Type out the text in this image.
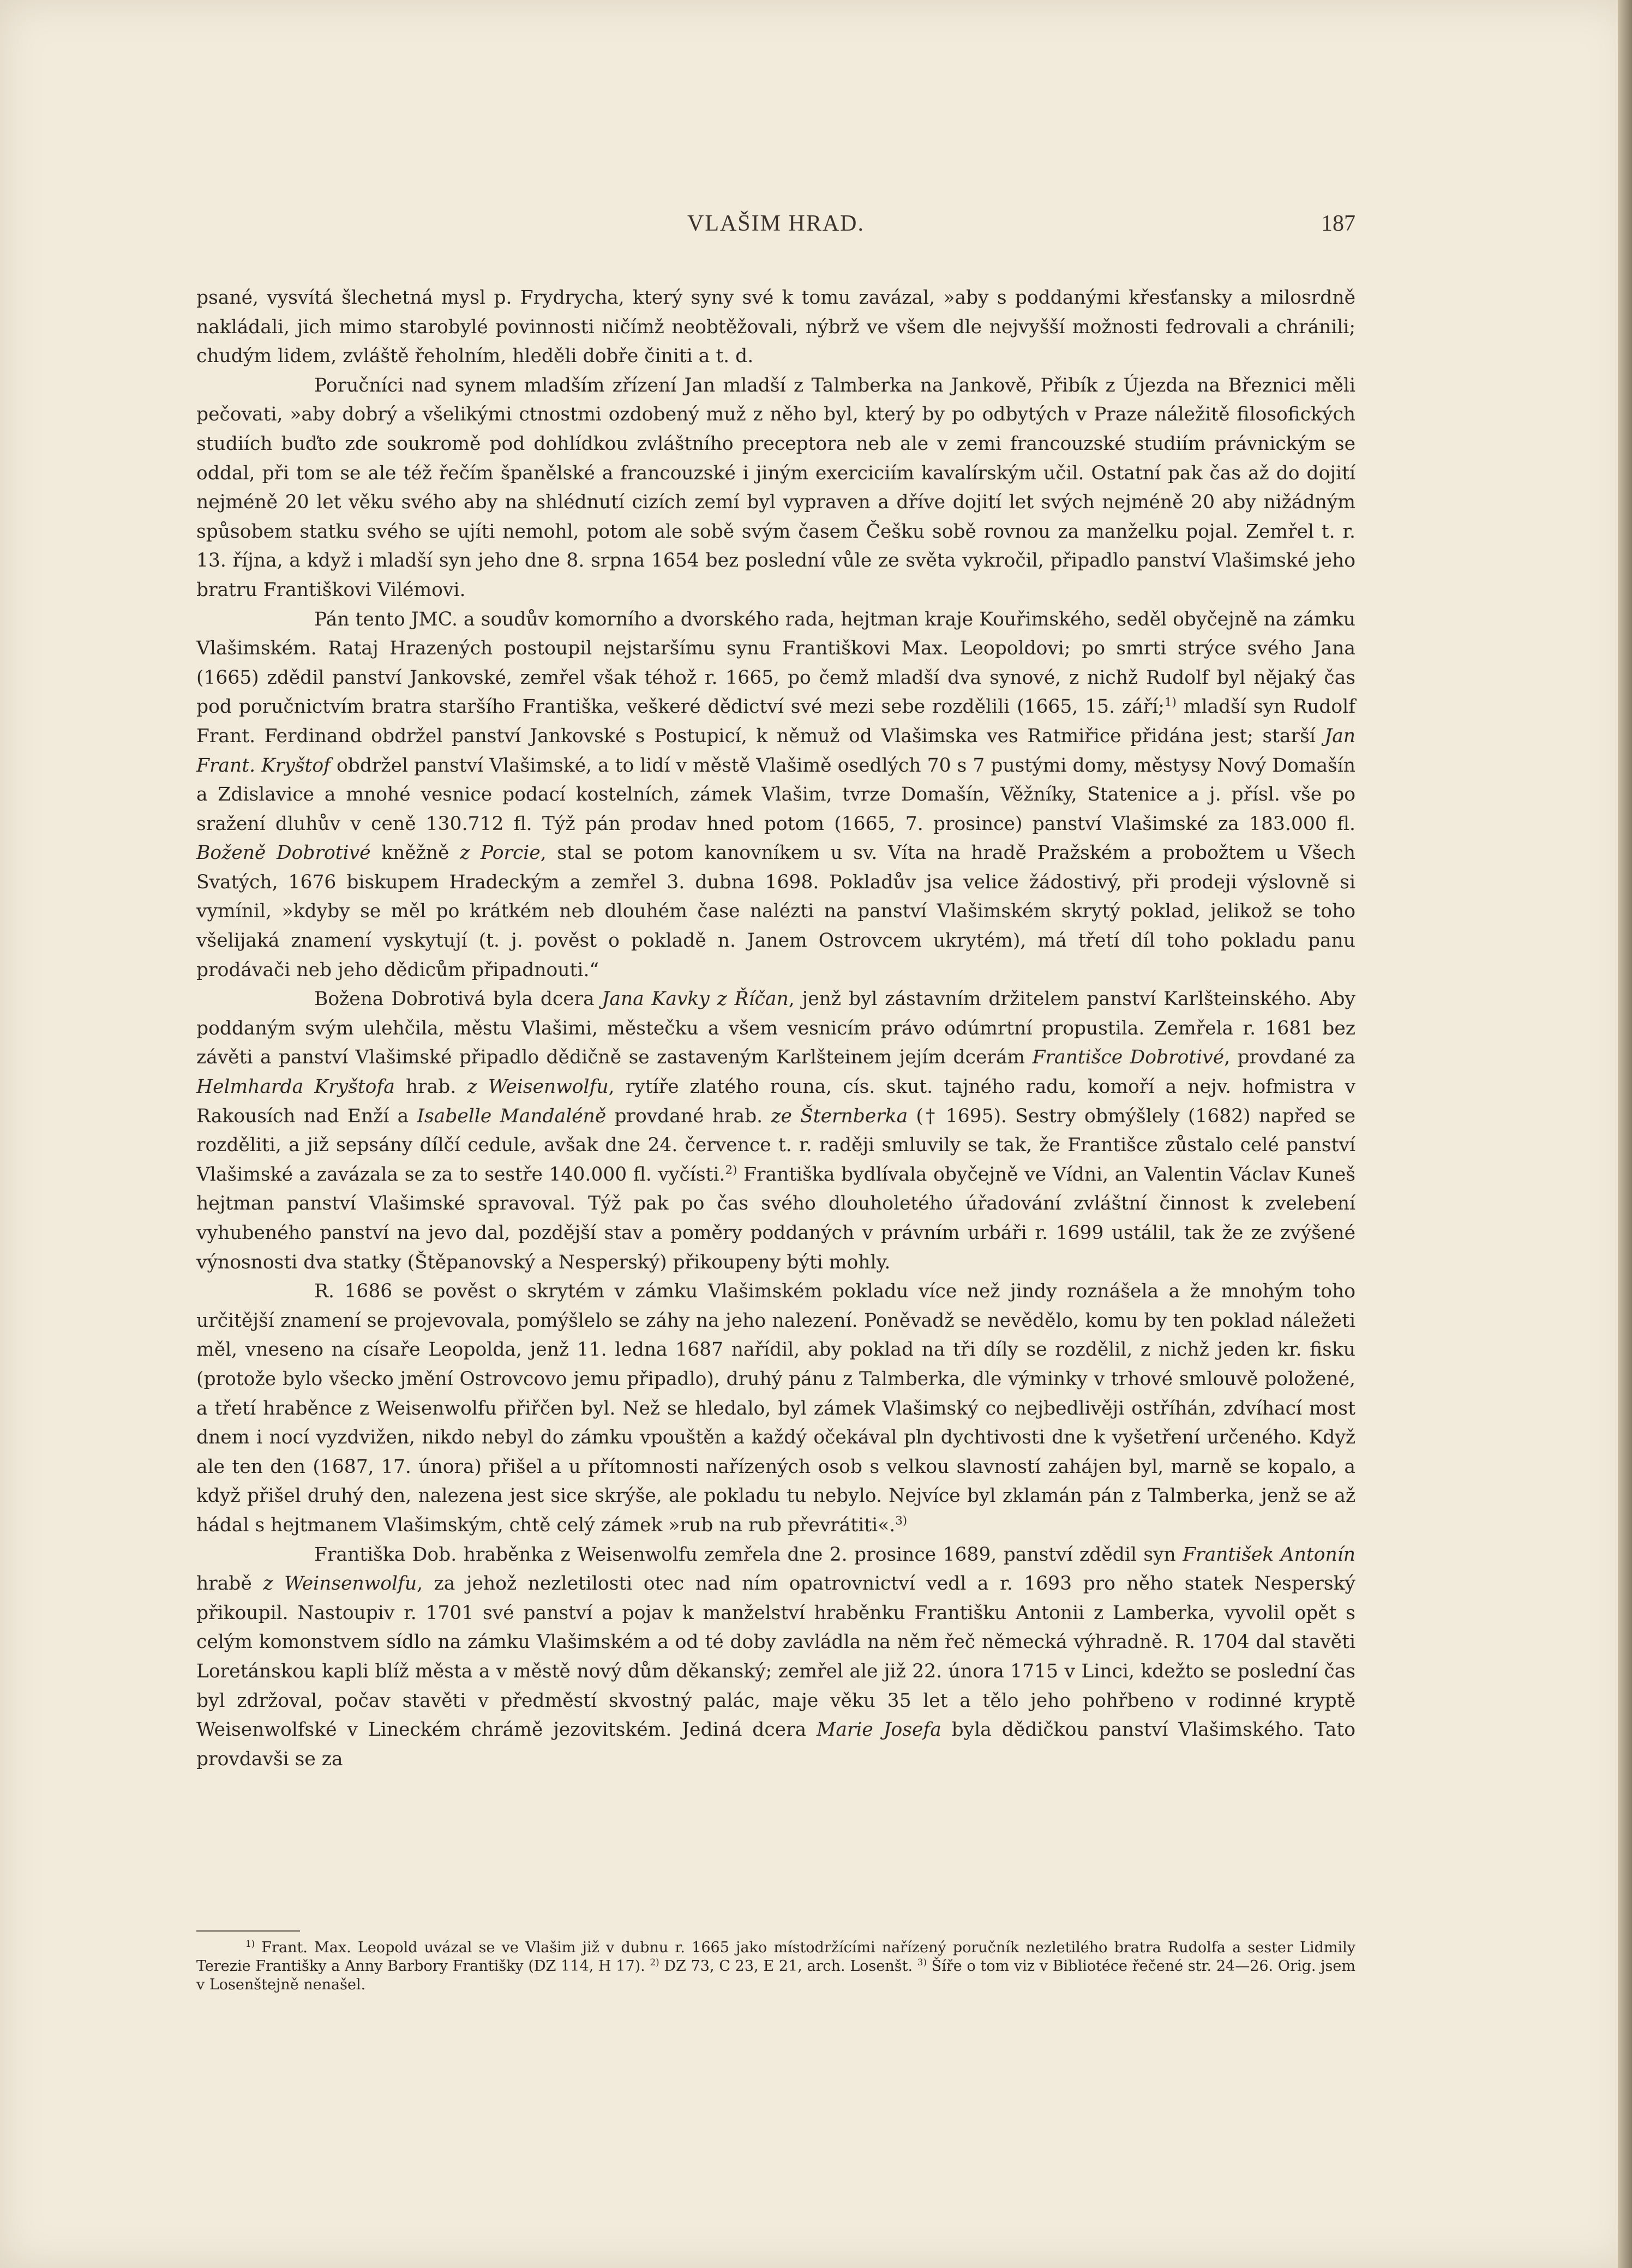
VLAŠIM HRAD.	187

psané, vysvítá šlechetná mysl p. Frydrycha, který syny své k tomu zavázal, »aby s poddanými křesťansky a milosrdně nakládali, jich mimo starobylé povinnosti ničímž neobtěžovali, nýbrž ve všem dle nejvyšší možnosti fedrovali a chránili; chudým lidem, zvláště řeholním, hleděli dobře činiti a t. d.

Poručníci nad synem mladším zřízení Jan mladší z Talmberka na Jankově, Přibík z Újezda na Březnici měli pečovati, »aby dobrý a všelikými ctnostmi ozdobený muž z něho byl, který by po odbytých v Praze náležitě filosofických studiích buďto zde soukromě pod dohlídkou zvláštního preceptora neb ale v zemi francouzské studiím právnickým se oddal, při tom se ale též řečím španělské a francouzské i jiným exerciciím kavalírským učil. Ostatní pak čas až do dojití nejméně 20 let věku svého aby na shlédnutí cizích zemí byl vypraven a dříve dojití let svých nejméně 20 aby nižádným spůsobem statku svého se ujíti nemohl, potom ale sobě svým časem Češku sobě rovnou za manželku pojal. Zemřel t. r. 13. října, a když i mladší syn jeho dne 8. srpna 1654 bez poslední vůle ze světa vykročil, připadlo panství Vlašimské jeho bratru Františkovi Vilémovi.

Pán tento JMC. a soudův komorního a dvorského rada, hejtman kraje Kouřimského, seděl obyčejně na zámku Vlašimském. Rataj Hrazených postoupil nejstaršímu synu Františkovi Max. Leopoldovi; po smrti strýce svého Jana (1665) zdědil panství Jankovské, zemřel však téhož r. 1665, po čemž mladší dva synové, z nichž Rudolf byl nějaký čas pod poručnictvím bratra staršího Františka, veškeré dědictví své mezi sebe rozdělili (1665, 15. září;$^{1)}$ mladší syn Rudolf Frant. Ferdinand obdržel panství Jankovské s Postupicí, k němuž od Vlašimska ves Ratmiřice přidána jest; starší Jan Frant. Kryštof obdržel panství Vlašimské, a to lidí v městě Vlašimě osedlých 70 s 7 pustými domy, městysy Nový Domašín a Zdislavice a mnohé vesnice podací kostelních, zámek Vlašim, tvrze Domašín, Věžníky, Statenice a j. přísl. vše po sražení dluhův v ceně 130.712 fl. Týž pán prodav hned potom (1665, 7. prosince) panství Vlašimské za 183.000 fl. Boženě Dobrotivé kněžně z Porcie, stal se potom kanovníkem u sv. Víta na hradě Pražském a probožtem u Všech Svatých, 1676 biskupem Hradeckým a zemřel 3. dubna 1698. Pokladův jsa velice žádostivý, při prodeji výslovně si vymínil, »kdyby se měl po krátkém neb dlouhém čase nalézti na panství Vlašimském skrytý poklad, jelikož se toho všelijaká znamení vyskytují (t. j. pověst o pokladě n. Janem Ostrovcem ukrytém), má třetí díl toho pokladu panu prodávači neb jeho dědicům připadnouti.“

Božena Dobrotivá byla dcera Jana Kavky z Říčan, jenž byl zástavním držitelem panství Karlšteinského. Aby poddaným svým ulehčila, městu Vlašimi, městečku a všem vesnicím právo odúmrtní propustila. Zemřela r. 1681 bez závěti a panství Vlašimské připadlo dědičně se zastaveným Karlšteinem jejím dcerám Františce Dobrotivé, provdané za Helmharda Kryštofa hrab. z Weisenwolfu, rytíře zlatého rouna, cís. skut. tajného radu, komoří a nejv. hofmistra v Rakousích nad Enží a Isabelle Mandaléně provdané hrab. ze Šternberka († 1695). Sestry obmýšlely (1682) napřed se rozděliti, a již sepsány dílčí cedule, avšak dne 24. července t. r. raději smluvily se tak, že Františce zůstalo celé panství Vlašimské a zavázala se za to sestře 140.000 fl. vyčísti.$^{2)}$ Františka bydlívala obyčejně ve Vídni, an Valentin Václav Kuneš hejtman panství Vlašimské spravoval. Týž pak po čas svého dlouholetého úřadování zvláštní činnost k zvelebení vyhubeného panství na jevo dal, pozdější stav a poměry poddaných v právním urbáři r. 1699 ustálil, tak že ze zvýšené výnosnosti dva statky (Štěpanovský a Nesperský) přikoupeny býti mohly.

R. 1686 se pověst o skrytém v zámku Vlašimském pokladu více než jindy roznášela a že mnohým toho určitější znamení se projevovala, pomýšlelo se záhy na jeho nalezení. Poněvadž se nevědělo, komu by ten poklad náležeti měl, vneseno na císaře Leopolda, jenž 11. ledna 1687 nařídil, aby poklad na tři díly se rozdělil, z nichž jeden kr. fisku (protože bylo všecko jmění Ostrovcovo jemu připadlo), druhý pánu z Talmberka, dle výminky v trhové smlouvě položené, a třetí hraběnce z Weisenwolfu přiřčen byl. Než se hledalo, byl zámek Vlašimský co nejbedlivěji ostříhán, zdvíhací most dnem i nocí vyzdvižen, nikdo nebyl do zámku vpouštěn a každý očekával pln dychtivosti dne k vyšetření určeného. Když ale ten den (1687, 17. února) přišel a u přítomnosti nařízených osob s velkou slavností zahájen byl, marně se kopalo, a když přišel druhý den, nalezena jest sice skrýše, ale pokladu tu nebylo. Nejvíce byl zklamán pán z Talmberka, jenž se až hádal s hejtmanem Vlašimským, chtě celý zámek »rub na rub převrátiti«.$^{3)}$

Františka Dob. hraběnka z Weisenwolfu zemřela dne 2. prosince 1689, panství zdědil syn František Antonín hrabě z Weinsenwolfu, za jehož nezletilosti otec nad ním opatrovnictví vedl a r. 1693 pro něho statek Nesperský přikoupil. Nastoupiv r. 1701 své panství a pojav k manželství hraběnku Františku Antonii z Lamberka, vyvolil opět s celým komonstvem sídlo na zámku Vlašimském a od té doby zavládla na něm řeč německá výhradně. R. 1704 dal stavěti Loretánskou kapli blíž města a v městě nový dům děkanský; zemřel ale již 22. února 1715 v Linci, kdežto se poslední čas byl zdržoval, počav stavěti v předměstí skvostný palác, maje věku 35 let a tělo jeho pohřbeno v rodinné kryptě Weisenwolfské v Lineckém chrámě jezovitském. Jediná dcera Marie Josefa byla dědičkou panství Vlašimského. Tato provdavši se za

$^{1)}$ Frant. Max. Leopold uvázal se ve Vlašim již v dubnu r. 1665 jako místodržícími nařízený poručník nezletilého bratra Rudolfa a sester Lidmily Terezie Františky a Anny Barbory Františky (DZ 114, H 17). $^{2)}$ DZ 73, C 23, E 21, arch. Losenšt. $^{3)}$ Šíře o tom viz v Bibliotéce řečené str. 24—26. Orig. jsem v Losenštejně nenašel.
